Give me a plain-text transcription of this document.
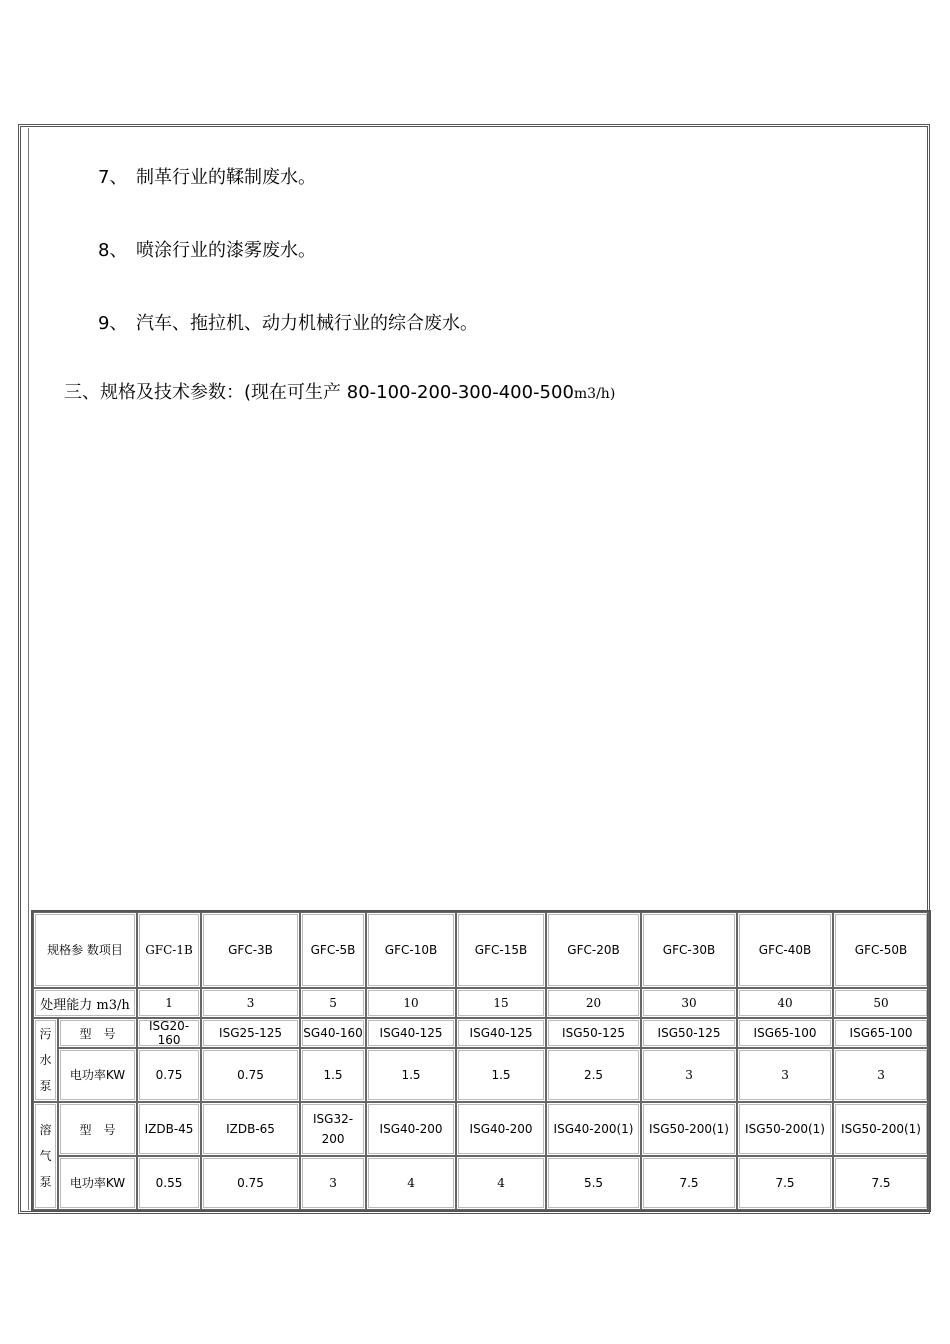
7、 制革行业的鞣制废水。
8、 喷涂行业的漆雾废水。
9、 汽车、拖拉机、动力机械行业的综合废水。
三、规格及技术参数：(现在可生产 80-100-200-300-400-500m3/h)
规格参 数项目		GFC-1B	GFC-3B	GFC-5B	GFC-10B	GFC-15B	GFC-20B	GFC-30B	GFC-40B	GFC-50B
处理能力 m3/h		1	3	5	10	15	20	30	40	50
污水泵	型　号	ISG20-160	ISG25-125	SG40-160	ISG40-125	ISG40-125	ISG50-125	ISG50-125	ISG65-100	ISG65-100
	电功率KW	0.75	0.75	1.5	1.5	1.5	2.5	3	3	3
溶气泵	型　号	IZDB-45	IZDB-65	ISG32-200	ISG40-200	ISG40-200	ISG40-200(1)	ISG50-200(1)	ISG50-200(1)	ISG50-200(1)
	电功率KW	0.55	0.75	3	4	4	5.5	7.5	7.5	7.5
